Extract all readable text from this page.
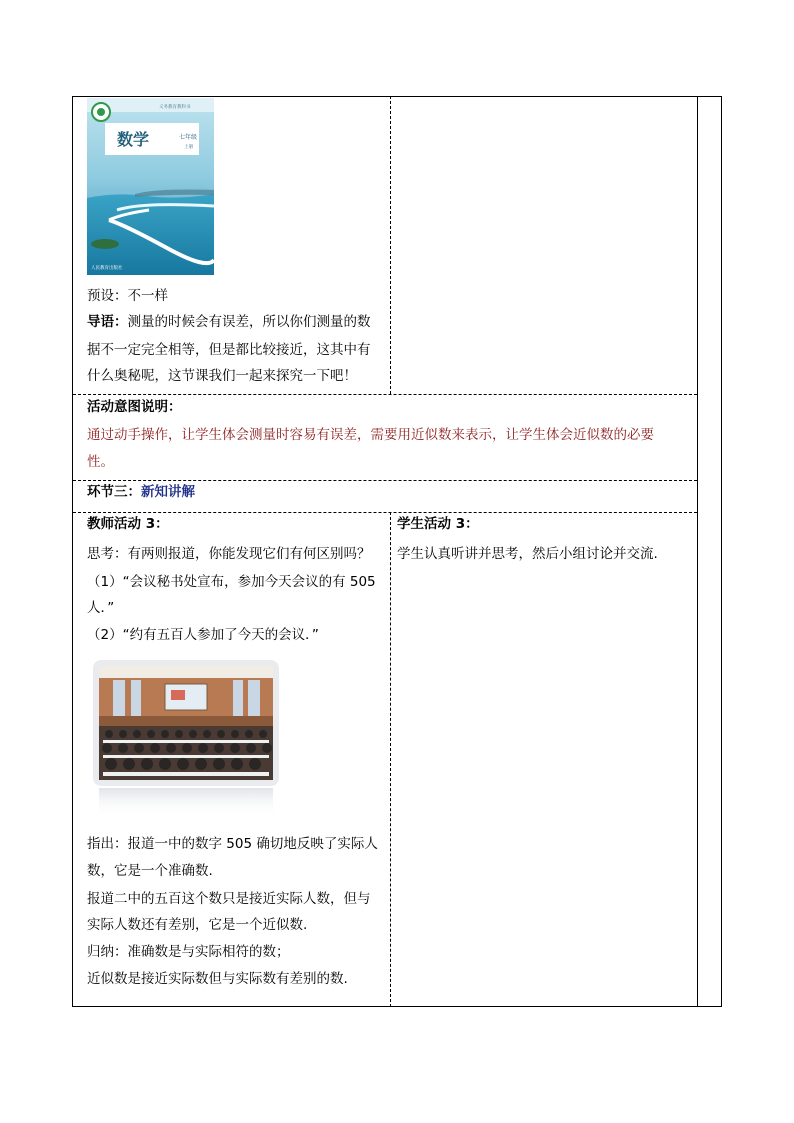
义务教育教科书
数学	七年级
上册
人民教育出版社
预设：不一样
导语：测量的时候会有误差，所以你们测量的数
据不一定完全相等，但是都比较接近，这其中有
什么奥秘呢，这节课我们一起来探究一下吧！
活动意图说明：
通过动手操作，让学生体会测量时容易有误差，需要用近似数来表示，让学生体会近似数的必要
性。
环节三：新知讲解
教师活动 3：
思考：有两则报道，你能发现它们有何区别吗？
（1）“会议秘书处宣布，参加今天会议的有 505
人．”
（2）“约有五百人参加了今天的会议．”
指出：报道一中的数字 505 确切地反映了实际人
数，它是一个准确数.
报道二中的五百这个数只是接近实际人数，但与
实际人数还有差别，它是一个近似数.
归纳：准确数是与实际相符的数；
近似数是接近实际数但与实际数有差别的数.
学生活动 3：
学生认真听讲并思考，然后小组讨论并交流.
